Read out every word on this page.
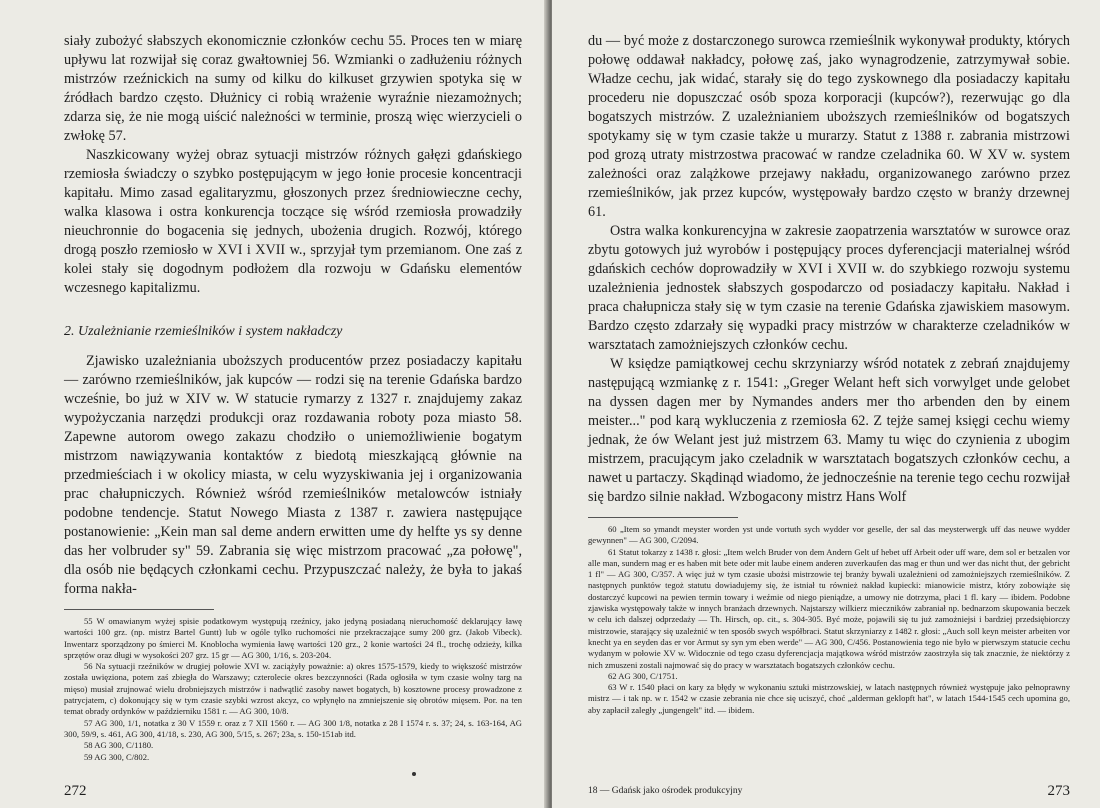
siały zubożyć słabszych ekonomicznie członków cechu 55. Proces ten w miarę upływu lat rozwijał się coraz gwałtowniej 56. Wzmianki o zadłużeniu różnych mistrzów rzeźnickich na sumy od kilku do kilkuset grzywien spotyka się w źródłach bardzo często. Dłużnicy ci robią wrażenie wyraźnie niezamożnych; zdarza się, że nie mogą uiścić należności w terminie, proszą więc wierzycieli o zwłokę 57.

Naszkicowany wyżej obraz sytuacji mistrzów różnych gałęzi gdańskiego rzemiosła świadczy o szybko postępującym w jego łonie procesie koncentracji kapitału. Mimo zasad egalitaryzmu, głoszonych przez średniowieczne cechy, walka klasowa i ostra konkurencja toczące się wśród rzemiosła prowadziły nieuchronnie do bogacenia się jednych, ubożenia drugich. Rozwój, którego drogą poszło rzemiosło w XVI i XVII w., sprzyjał tym przemianom. One zaś z kolei stały się dogodnym podłożem dla rozwoju w Gdańsku elementów wczesnego kapitalizmu.

2. Uzależnianie rzemieślników i system nakładczy

Zjawisko uzależniania uboższych producentów przez posiadaczy kapitału — zarówno rzemieślników, jak kupców — rodzi się na terenie Gdańska bardzo wcześnie, bo już w XIV w. W statucie rymarzy z 1327 r. znajdujemy zakaz wypożyczania narzędzi produkcji oraz rozdawania roboty poza miasto 58. Zapewne autorom owego zakazu chodziło o uniemożliwienie bogatym mistrzom nawiązywania kontaktów z biedotą mieszkającą głównie na przedmieściach i w okolicy miasta, w celu wyzyskiwania jej i organizowania prac chałupniczych. Również wśród rzemieślników metalowców istniały podobne tendencje. Statut Nowego Miasta z 1387 r. zawiera następujące postanowienie: „Kein man sal deme andern erwitten ume dy helfte ys sy denne das her volbruder sy" 59. Zabrania się więc mistrzom pracować „za połowę", dla osób nie będących członkami cechu. Przypuszczać należy, że była to jakaś forma nakła-

55 W omawianym wyżej spisie podatkowym występują rzeźnicy, jako jedyną posiadaną nieruchomość deklarujący ławę wartości 100 grz. (np. mistrz Bartel Guntt) lub w ogóle tylko ruchomości nie przekraczające sumy 200 grz. (Jakob Vibeck). Inwentarz sporządzony po śmierci M. Knoblocha wymienia ławę wartości 120 grz., 2 konie wartości 24 fl., trochę odzieży, kilka sprzętów oraz długi w wysokości 207 grz. 15 gr — AG 300, 1/16, s. 203-204.

56 Na sytuacji rzeźników w drugiej połowie XVI w. zaciążyły poważnie: a) okres 1575-1579, kiedy to większość mistrzów została uwięziona, potem zaś zbiegła do Warszawy; czterolecie okres bezczynności (Rada ogłosiła w tym czasie wolny targ na mięso) musiał zrujnować wielu drobniejszych mistrzów i nadwątlić zasoby nawet bogatych, b) kosztowne procesy prowadzone z patrycjatem, c) dokonujący się w tym czasie szybki wzrost akcyz, co wpłynęło na zmniejszenie się obrotów mięsem. Por. na ten temat obrady ordynków w październiku 1581 r. — AG 300, 10/8.

57 AG 300, 1/1, notatka z 30 V 1559 r. oraz z 7 XII 1560 r. — AG 300 1/8, notatka z 28 I 1574 r. s. 37; 24, s. 163-164, AG 300, 59/9, s. 461, AG 300, 41/18, s. 230, AG 300, 5/15, s. 267; 23a, s. 150-151ab itd.

58 AG 300, C/1180.

59 AG 300, C/802.

272

du — być może z dostarczonego surowca rzemieślnik wykonywał produkty, których połowę oddawał nakładcy, połowę zaś, jako wynagrodzenie, zatrzymywał sobie. Władze cechu, jak widać, starały się do tego zyskownego dla posiadaczy kapitału procederu nie dopuszczać osób spoza korporacji (kupców?), rezerwując go dla bogatszych mistrzów. Z uzależnianiem uboższych rzemieślników od bogatszych spotykamy się w tym czasie także u murarzy. Statut z 1388 r. zabrania mistrzowi pod grozą utraty mistrzostwa pracować w randze czeladnika 60. W XV w. system zależności oraz zalążkowe przejawy nakładu, organizowanego zarówno przez rzemieślników, jak przez kupców, występowały bardzo często w branży drzewnej 61.

Ostra walka konkurencyjna w zakresie zaopatrzenia warsztatów w surowce oraz zbytu gotowych już wyrobów i postępujący proces dyferencjacji materialnej wśród gdańskich cechów doprowadziły w XVI i XVII w. do szybkiego rozwoju systemu uzależnienia jednostek słabszych gospodarczo od posiadaczy kapitału. Nakład i praca chałupnicza stały się w tym czasie na terenie Gdańska zjawiskiem masowym. Bardzo często zdarzały się wypadki pracy mistrzów w charakterze czeladników w warsztatach zamożniejszych członków cechu.

W księdze pamiątkowej cechu skrzyniarzy wśród notatek z zebrań znajdujemy następującą wzmiankę z r. 1541: „Greger Welant heft sich vorwylget unde gelobet na dyssen dagen mer by Nymandes anders mer tho arbenden den by einem meister..." pod karą wykluczenia z rzemiosła 62. Z tejże samej księgi cechu wiemy jednak, że ów Welant jest już mistrzem 63. Mamy tu więc do czynienia z ubogim mistrzem, pracującym jako czeladnik w warsztatach bogatszych członków cechu, a nawet u partaczy. Skądinąd wiadomo, że jednocześnie na terenie tego cechu rozwijał się bardzo silnie nakład. Wzbogacony mistrz Hans Wolf

60 „Item so ymandt meyster worden yst unde vortuth sych wydder vor geselle, der sal das meysterwergk uff das neuwe wydder gewynnen" — AG 300, C/2094.

61 Statut tokarzy z 1438 r. głosi: „Item welch Bruder von dem Andern Gelt uf hebet uff Arbeit oder uff ware, dem sol er betzalen vor alle man, sundern mag er es haben mit bete oder mit laube einem anderen zuverkaufen das mag er thun und wer das nicht thut, der gebricht 1 fl" — AG 300, C/357. A więc już w tym czasie ubożsi mistrzowie tej branży bywali uzależnieni od zamożniejszych rzemieślników. Z następnych punktów tegoż statutu dowiadujemy się, że istniał tu również nakład kupiecki: mianowicie mistrz, który zobowiąże się dostarczyć kupcowi na pewien termin towary i weźmie od niego pieniądze, a umowy nie dotrzyma, płaci 1 fl. kary — ibidem. Podobne zjawiska występowały także w innych branżach drzewnych. Najstarszy wilkierz mieczników zabraniał np. bednarzom skupowania beczek w celu ich dalszej odprzedaży — Th. Hirsch, op. cit., s. 304-305. Być może, pojawili się tu już zamożniejsi i bardziej przedsiębiorczy mistrzowie, starający się uzależnić w ten sposób swych współbraci. Statut skrzyniarzy z 1482 r. głosi: „Auch soll keyn meister arbeiten vor knecht ya en seyden das er vor Armut sy syn ym eben werde" — AG 300, C/456. Postanowienia tego nie było w pierwszym statucie cechu wydanym w połowie XV w. Widocznie od tego czasu dyferencjacja majątkowa wśród mistrzów zaostrzyła się tak znacznie, że niektórzy z nich zmuszeni zostali najmować się do pracy w warsztatach bogatszych członków cechu.

62 AG 300, C/1751.

63 W r. 1540 płaci on kary za błędy w wykonaniu sztuki mistrzowskiej, w latach następnych również występuje jako pełnoprawny mistrz — i tak np. w r. 1542 w czasie zebrania nie chce się uciszyć, choć „alderman geklopft hat", w latach 1544-1545 cech upomina go, aby zapłacił zaległy „jungengelt" itd. — ibidem.

18 — Gdańsk jako ośrodek produkcyjny	273
